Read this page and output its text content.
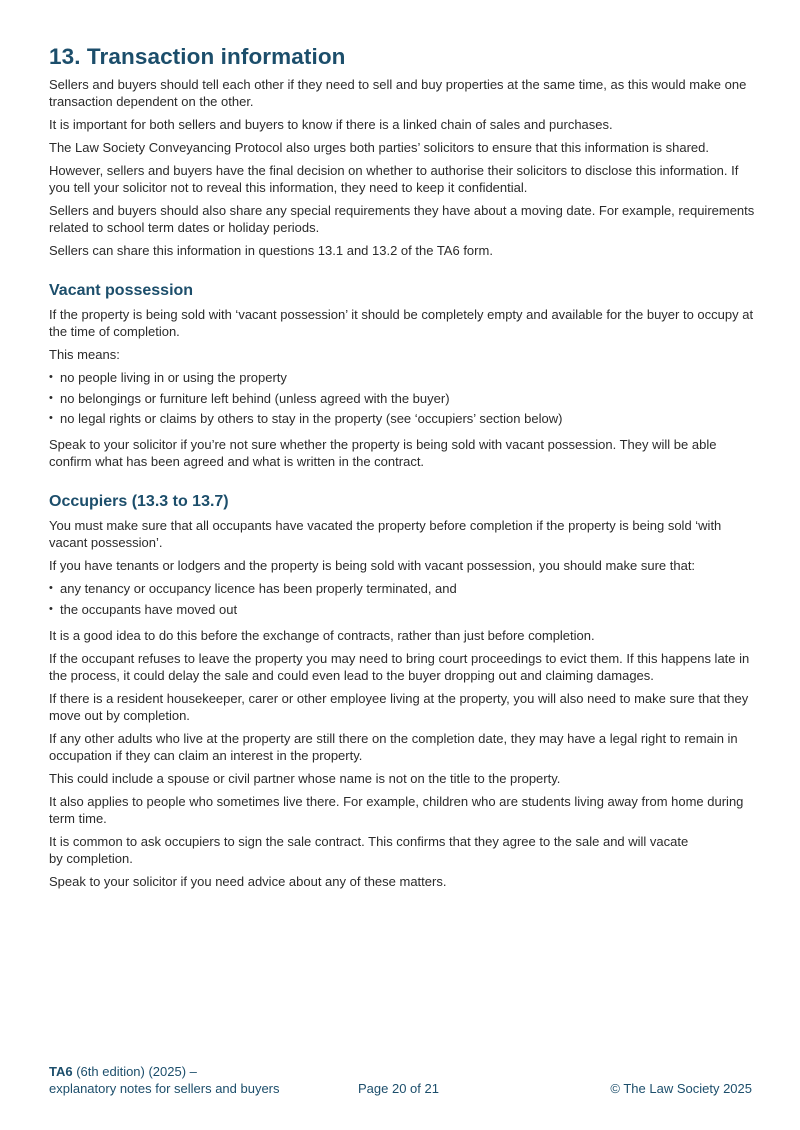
13. Transaction information

Sellers and buyers should tell each other if they need to sell and buy properties at the same time, as this would make one transaction dependent on the other.

It is important for both sellers and buyers to know if there is a linked chain of sales and purchases.

The Law Society Conveyancing Protocol also urges both parties’ solicitors to ensure that this information is shared.

However, sellers and buyers have the final decision on whether to authorise their solicitors to disclose this information. If you tell your solicitor not to reveal this information, they need to keep it confidential.

Sellers and buyers should also share any special requirements they have about a moving date. For example, requirements related to school term dates or holiday periods.

Sellers can share this information in questions 13.1 and 13.2 of the TA6 form.

Vacant possession

If the property is being sold with ‘vacant possession’ it should be completely empty and available for the buyer to occupy at the time of completion.

This means:

• no people living in or using the property
• no belongings or furniture left behind (unless agreed with the buyer)
• no legal rights or claims by others to stay in the property (see ‘occupiers’ section below)

Speak to your solicitor if you’re not sure whether the property is being sold with vacant possession. They will be able confirm what has been agreed and what is written in the contract.

Occupiers (13.3 to 13.7)

You must make sure that all occupants have vacated the property before completion if the property is being sold ‘with vacant possession’.

If you have tenants or lodgers and the property is being sold with vacant possession, you should make sure that:

• any tenancy or occupancy licence has been properly terminated, and
• the occupants have moved out

It is a good idea to do this before the exchange of contracts, rather than just before completion.

If the occupant refuses to leave the property you may need to bring court proceedings to evict them. If this happens late in the process, it could delay the sale and could even lead to the buyer dropping out and claiming damages.

If there is a resident housekeeper, carer or other employee living at the property, you will also need to make sure that they move out by completion.

If any other adults who live at the property are still there on the completion date, they may have a legal right to remain in occupation if they can claim an interest in the property.

This could include a spouse or civil partner whose name is not on the title to the property.

It also applies to people who sometimes live there. For example, children who are students living away from home during term time.

It is common to ask occupiers to sign the sale contract. This confirms that they agree to the sale and will vacate
by completion.

Speak to your solicitor if you need advice about any of these matters.

TA6 (6th edition) (2025) –
explanatory notes for sellers and buyers	Page 20 of 21	© The Law Society 2025
